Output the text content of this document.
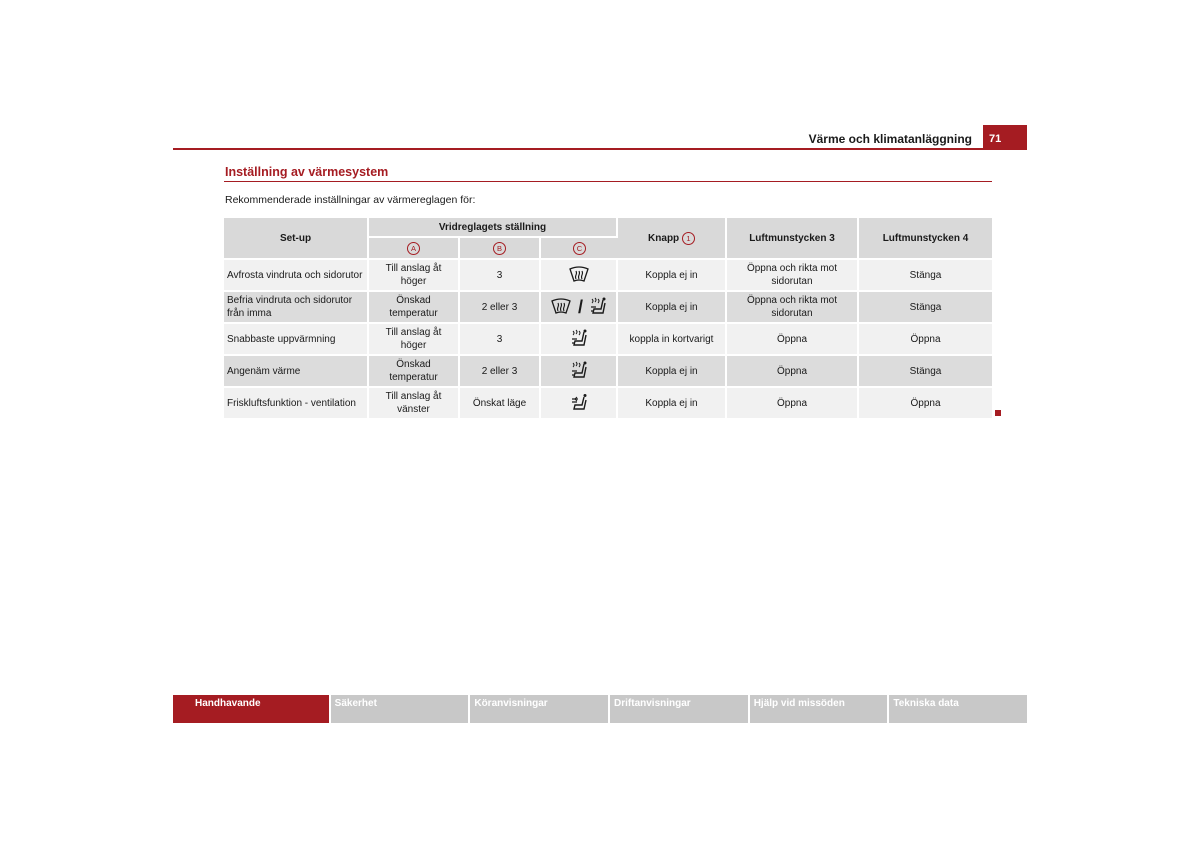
Värme och klimatanläggning	71
Inställning av värmesystem
Rekommenderade inställningar av värmereglagen för:
Set-up	Vridreglagets ställning			Knapp 1	Luftmunstycken 3	Luftmunstycken 4
	A	B	C			
Avfrosta vindruta och sidorutor	Till anslag åt höger	3		Koppla ej in	Öppna och rikta mot sidorutan	Stänga
Befria vindruta och sidorutor från imma	Önskad temperatur	2 eller 3	/	Koppla ej in	Öppna och rikta mot sidorutan	Stänga
Snabbaste uppvärmning	Till anslag åt höger	3		koppla in kortvarigt	Öppna	Öppna
Angenäm värme	Önskad temperatur	2 eller 3		Koppla ej in	Öppna	Stänga
Friskluftsfunktion - ventilation	Till anslag åt vänster	Önskat läge		Koppla ej in	Öppna	Öppna
Handhavande	Säkerhet	Köranvisningar	Driftanvisningar	Hjälp vid missöden	Tekniska data
